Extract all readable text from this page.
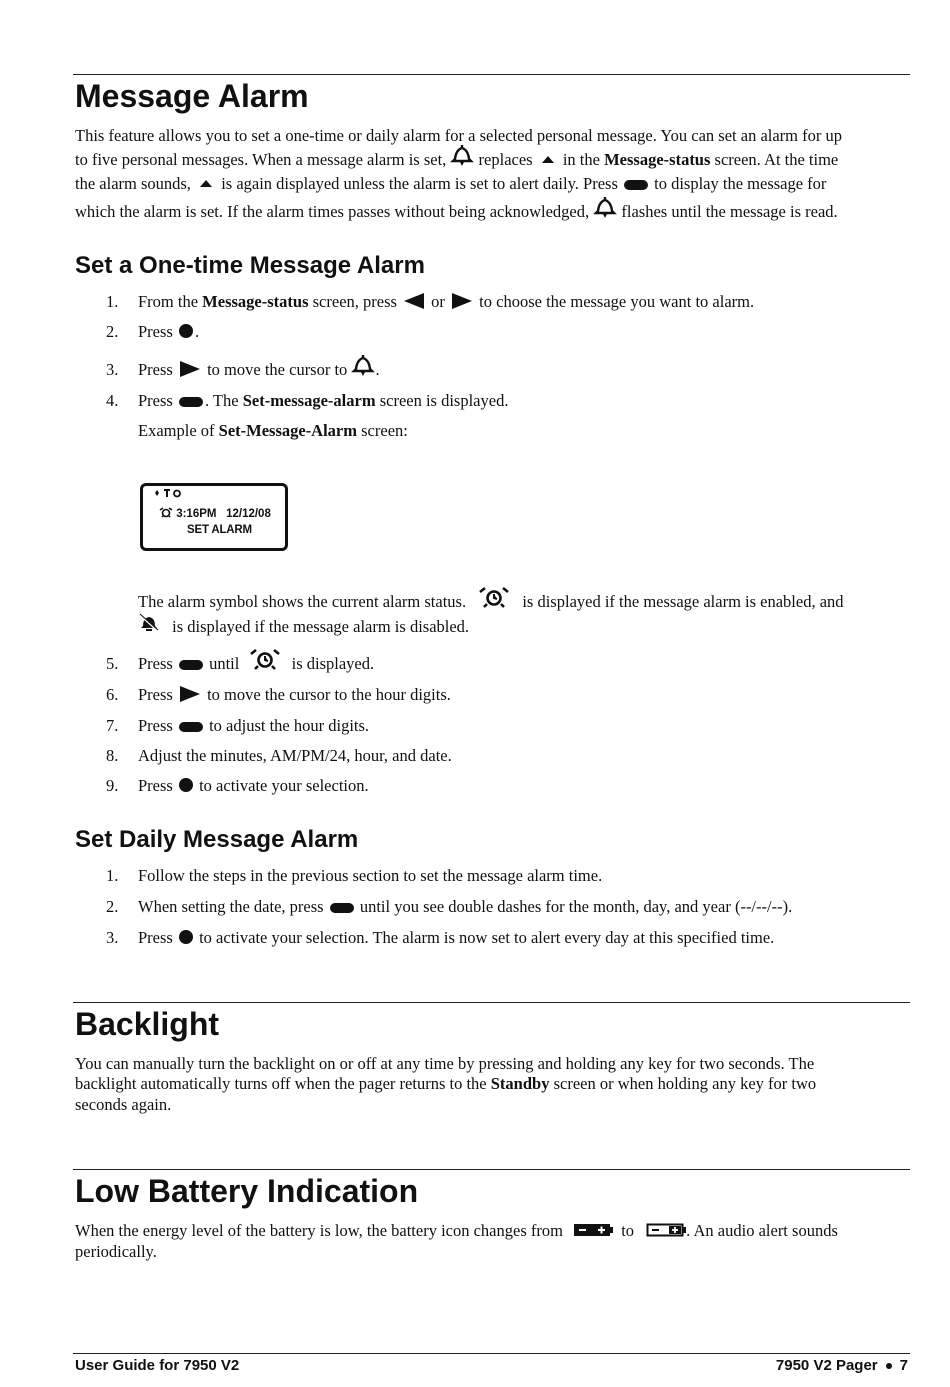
Message Alarm
This feature allows you to set a one-time or daily alarm for a selected personal message. You can set an alarm for up
to five personal messages. When a message alarm is set, replaces in the Message-status screen. At the time
the alarm sounds, is again displayed unless the alarm is set to alert daily. Press to display the message for
which the alarm is set. If the alarm times passes without being acknowledged, flashes until the message is read.
Set a One-time Message Alarm
1. From the Message-status screen, press or to choose the message you want to alarm.
2. Press .
3. Press to move the cursor to .
4. Press . The Set-message-alarm screen is displayed.
Example of Set-Message-Alarm screen:
3:16PM 12/12/08
SET ALARM
The alarm symbol shows the current alarm status.	is displayed if the message alarm is enabled, and
is displayed if the message alarm is disabled.
5. Press until	is displayed.
6. Press to move the cursor to the hour digits.
7. Press to adjust the hour digits.
8. Adjust the minutes, AM/PM/24, hour, and date.
9. Press to activate your selection.
Set Daily Message Alarm
1. Follow the steps in the previous section to set the message alarm time.
2. When setting the date, press until you see double dashes for the month, day, and year (--/--/--).
3. Press to activate your selection. The alarm is now set to alert every day at this specified time.
Backlight
You can manually turn the backlight on or off at any time by pressing and holding any key for two seconds. The
backlight automatically turns off when the pager returns to the Standby screen or when holding any key for two
seconds again.
Low Battery Indication
When the energy level of the battery is low, the battery icon changes from	to	. An audio alert sounds
periodically.
User Guide for 7950 V2	7950 V2 Pager 7
